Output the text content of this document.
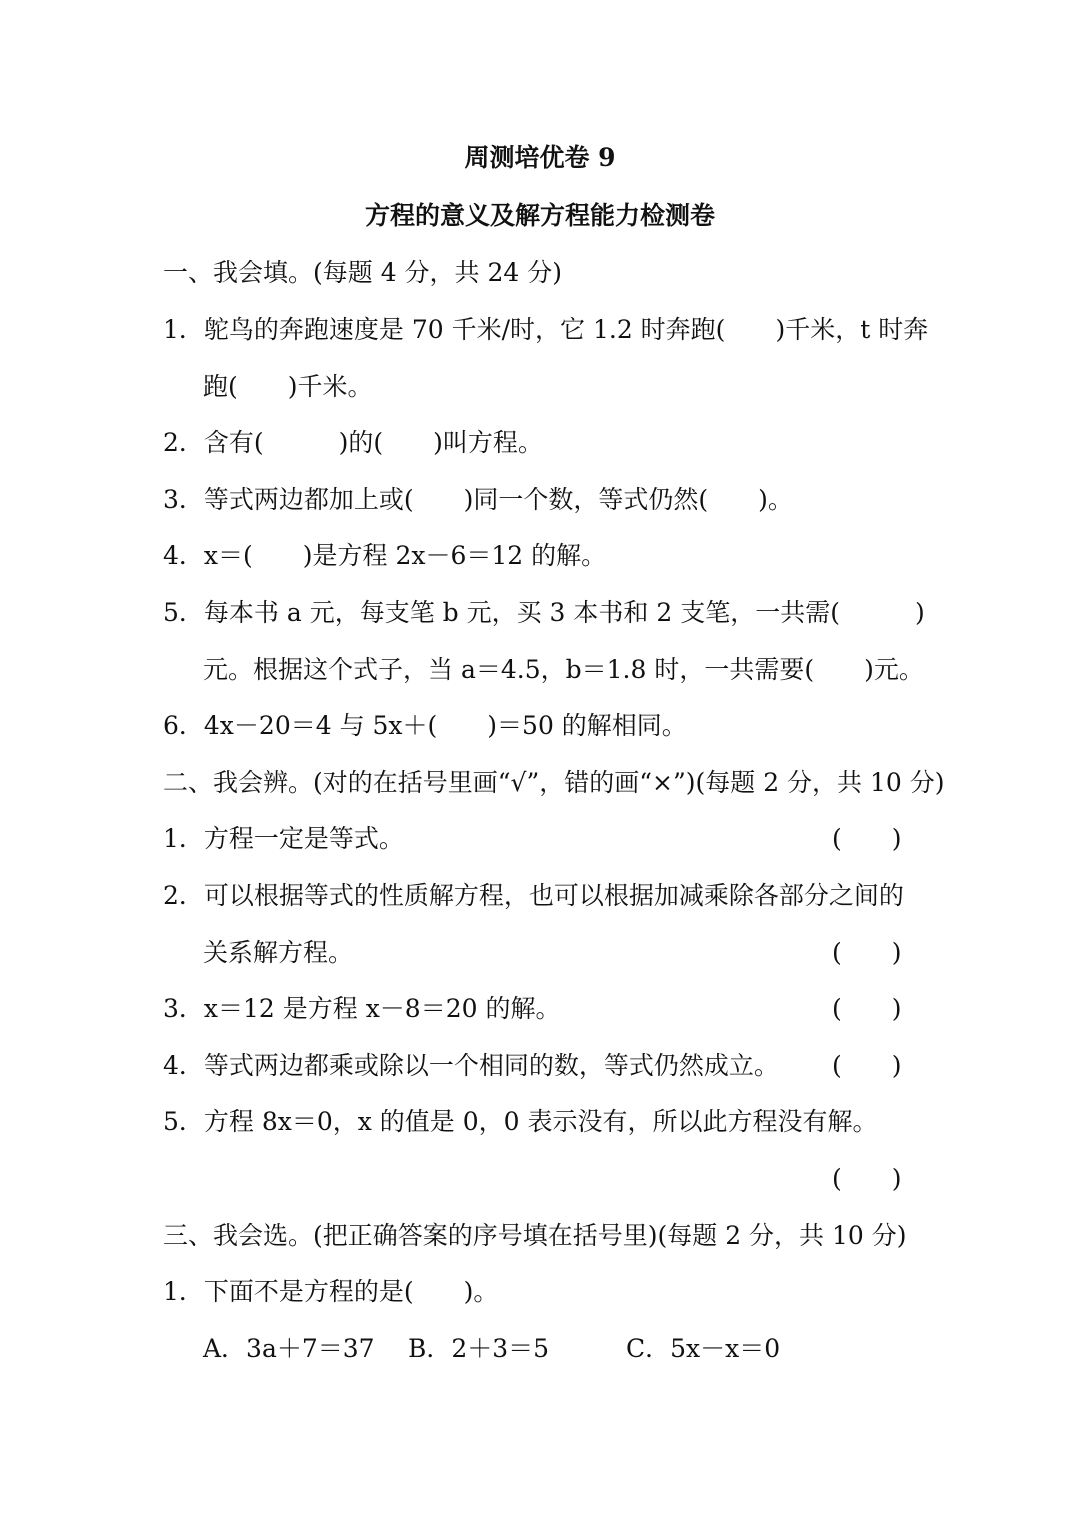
周测培优卷 9
方程的意义及解方程能力检测卷
一、我会填。(每题 4 分，共 24 分)
1．鸵鸟的奔跑速度是 70 千米/时，它 1.2 时奔跑(　　)千米，t 时奔
跑(　　)千米。
2．含有(　　　)的(　　)叫方程。
3．等式两边都加上或(　　)同一个数，等式仍然(　　)。
4．x＝(　　)是方程 2x－6＝12 的解。
5．每本书 a 元，每支笔 b 元，买 3 本书和 2 支笔，一共需(　　　)
元。根据这个式子，当 a＝4.5，b＝1.8 时，一共需要(　　)元。
6．4x－20＝4 与 5x＋(　　)＝50 的解相同。
二、我会辨。(对的在括号里画“√”，错的画“×”)(每题 2 分，共 10 分)
1．方程一定是等式。	(　　)
2．可以根据等式的性质解方程，也可以根据加减乘除各部分之间的
关系解方程。	(　　)
3．x＝12 是方程 x－8＝20 的解。	(　　)
4．等式两边都乘或除以一个相同的数，等式仍然成立。 (　　)
5．方程 8x＝0，x 的值是 0，0 表示没有，所以此方程没有解。
(　　)
三、我会选。(把正确答案的序号填在括号里)(每题 2 分，共 10 分)
1．下面不是方程的是(　　)。
A．3a＋7＝37 B．2＋3＝5	C．5x－x＝0
